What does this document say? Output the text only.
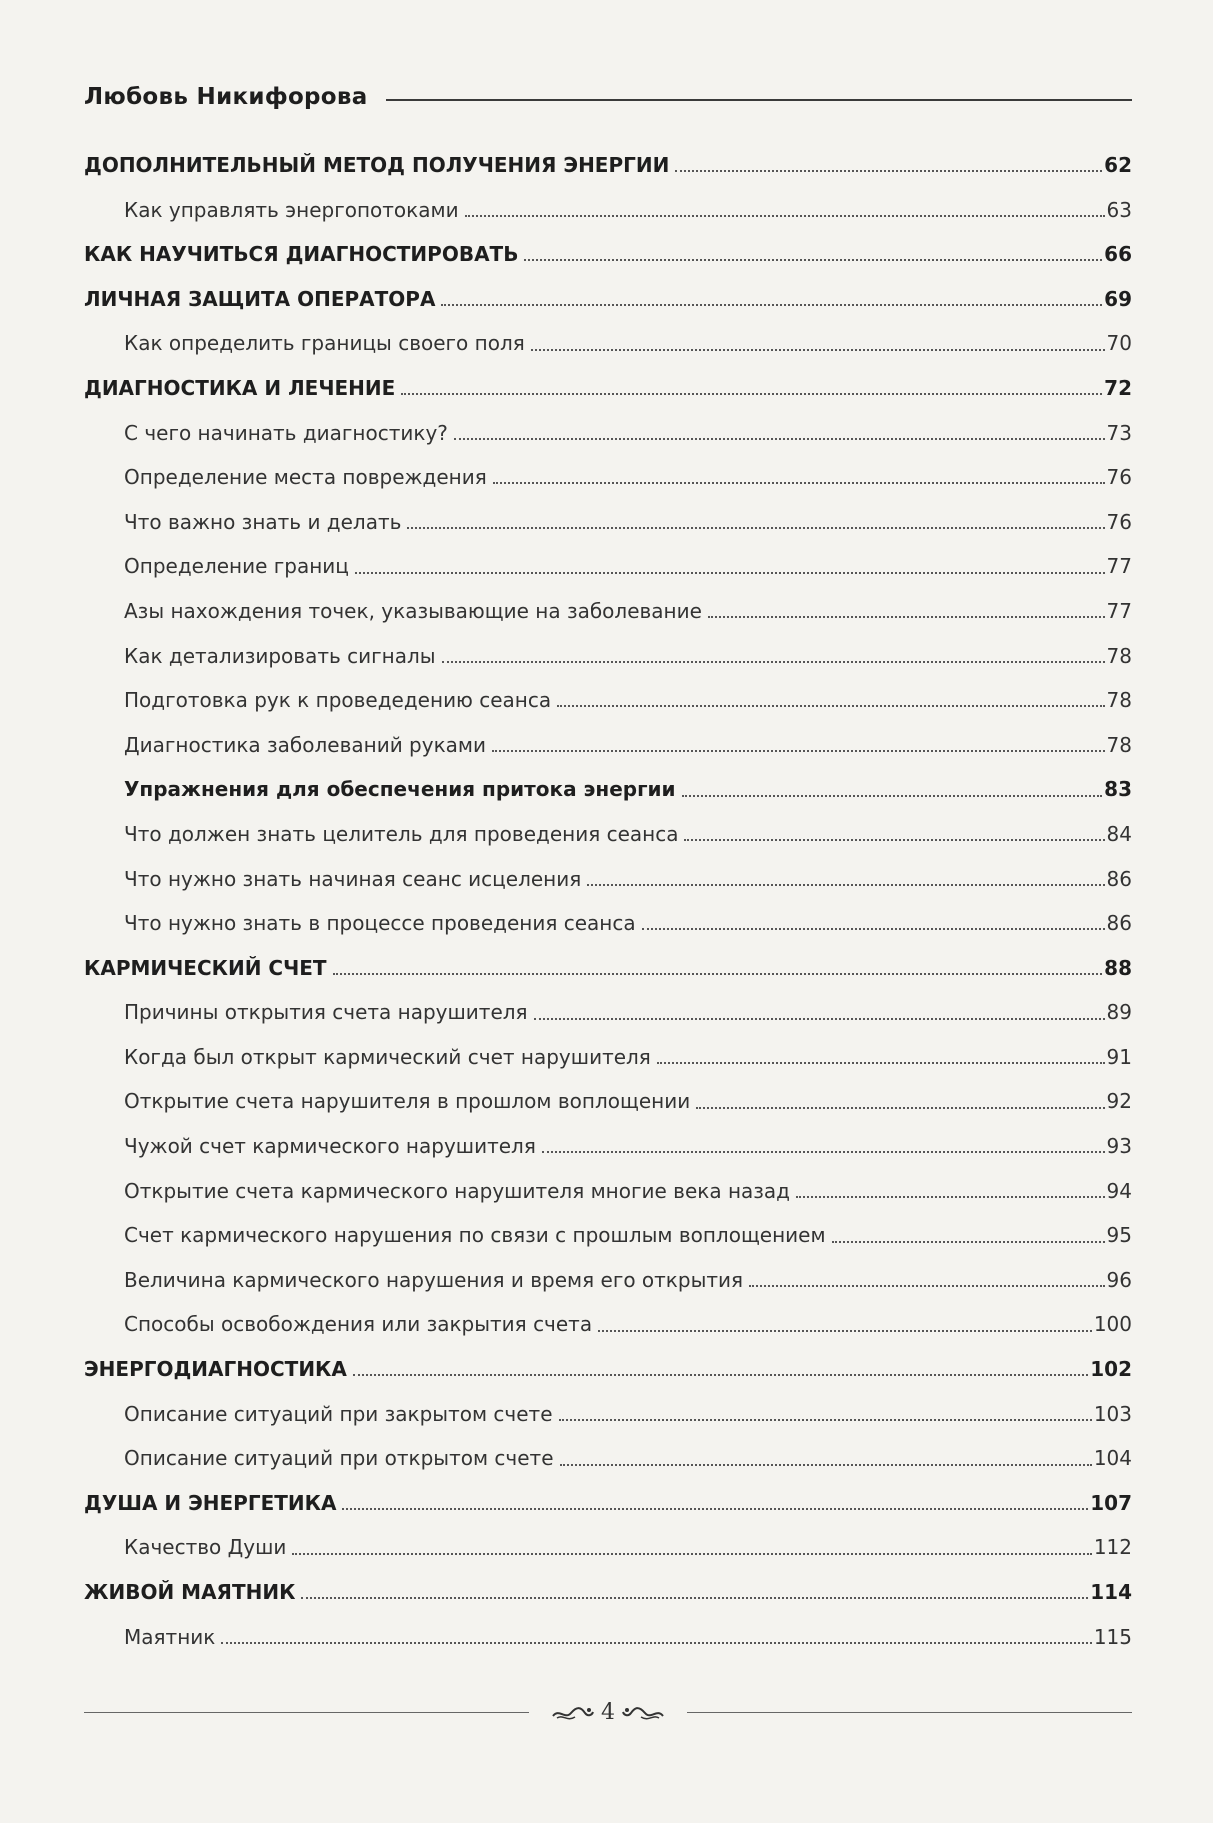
Любовь Никифорова
ДОПОЛНИТЕЛЬНЫЙ МЕТОД ПОЛУЧЕНИЯ ЭНЕРГИИ	62
Как управлять энергопотоками	63
КАК НАУЧИТЬСЯ ДИАГНОСТИРОВАТЬ	66
ЛИЧНАЯ ЗАЩИТА ОПЕРАТОРА	69
Как определить границы своего поля	70
ДИАГНОСТИКА И ЛЕЧЕНИЕ	72
С чего начинать диагностику?	73
Определение места повреждения	76
Что важно знать и делать	76
Определение границ	77
Азы нахождения точек, указывающие на заболевание	77
Как детализировать сигналы	78
Подготовка рук к проведедению сеанса	78
Диагностика заболеваний руками	78
Упражнения для обеспечения притока энергии	83
Что должен знать целитель для проведения сеанса	84
Что нужно знать начиная сеанс исцеления	86
Что нужно знать в процессе проведения сеанса	86
КАРМИЧЕСКИЙ СЧЕТ	88
Причины открытия счета нарушителя	89
Когда был открыт кармический счет нарушителя	91
Открытие счета нарушителя в прошлом воплощении	92
Чужой счет кармического нарушителя	93
Открытие счета кармического нарушителя многие века назад	94
Счет кармического нарушения по связи с прошлым воплощением	95
Величина кармического нарушения и время его открытия	96
Способы освобождения или закрытия счета	100
ЭНЕРГОДИАГНОСТИКА	102
Описание ситуаций при закрытом счете	103
Описание ситуаций при открытом счете	104
ДУША И ЭНЕРГЕТИКА	107
Качество Души	112
ЖИВОЙ МАЯТНИК	114
Маятник	115
4
